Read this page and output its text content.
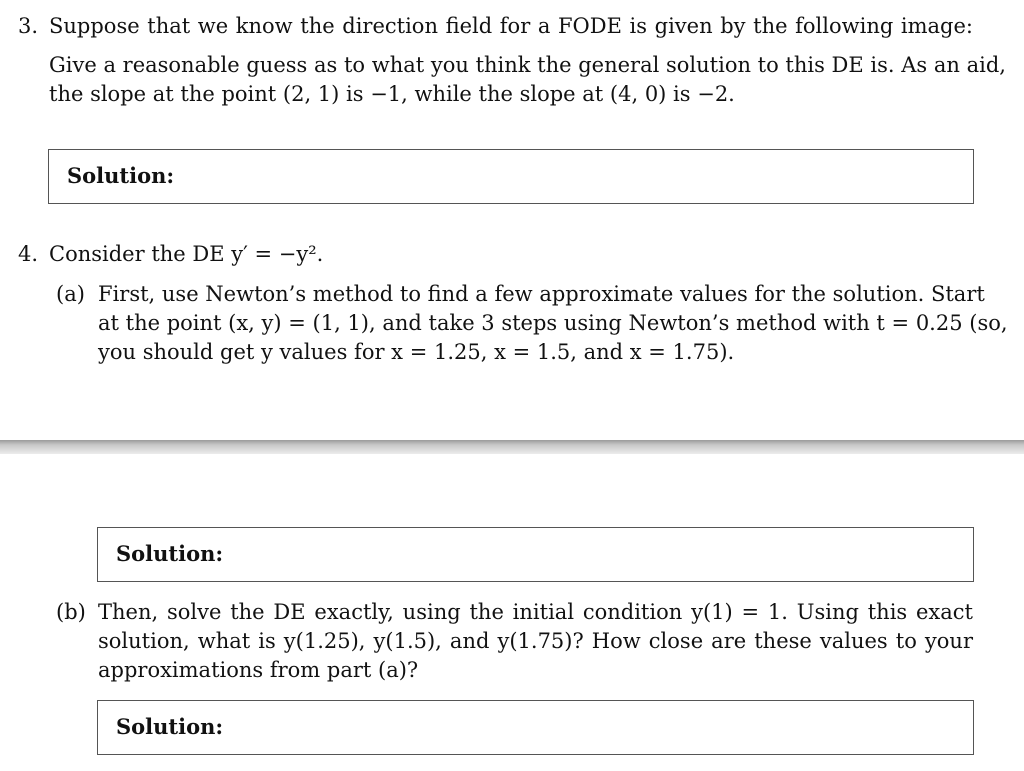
3. Suppose that we know the direction field for a FODE is given by the following image:
Give a reasonable guess as to what you think the general solution to this DE is. As an aid,
the slope at the point (2, 1) is −1, while the slope at (4, 0) is −2.
Solution:
4. Consider the DE y′ = −y².
(a) First, use Newton’s method to find a few approximate values for the solution. Start
at the point (x, y) = (1, 1), and take 3 steps using Newton’s method with t = 0.25 (so,
you should get y values for x = 1.25, x = 1.5, and x = 1.75).
Solution:
(b) Then, solve the DE exactly, using the initial condition y(1) = 1. Using this exact
solution, what is y(1.25), y(1.5), and y(1.75)? How close are these values to your
approximations from part (a)?
Solution:
